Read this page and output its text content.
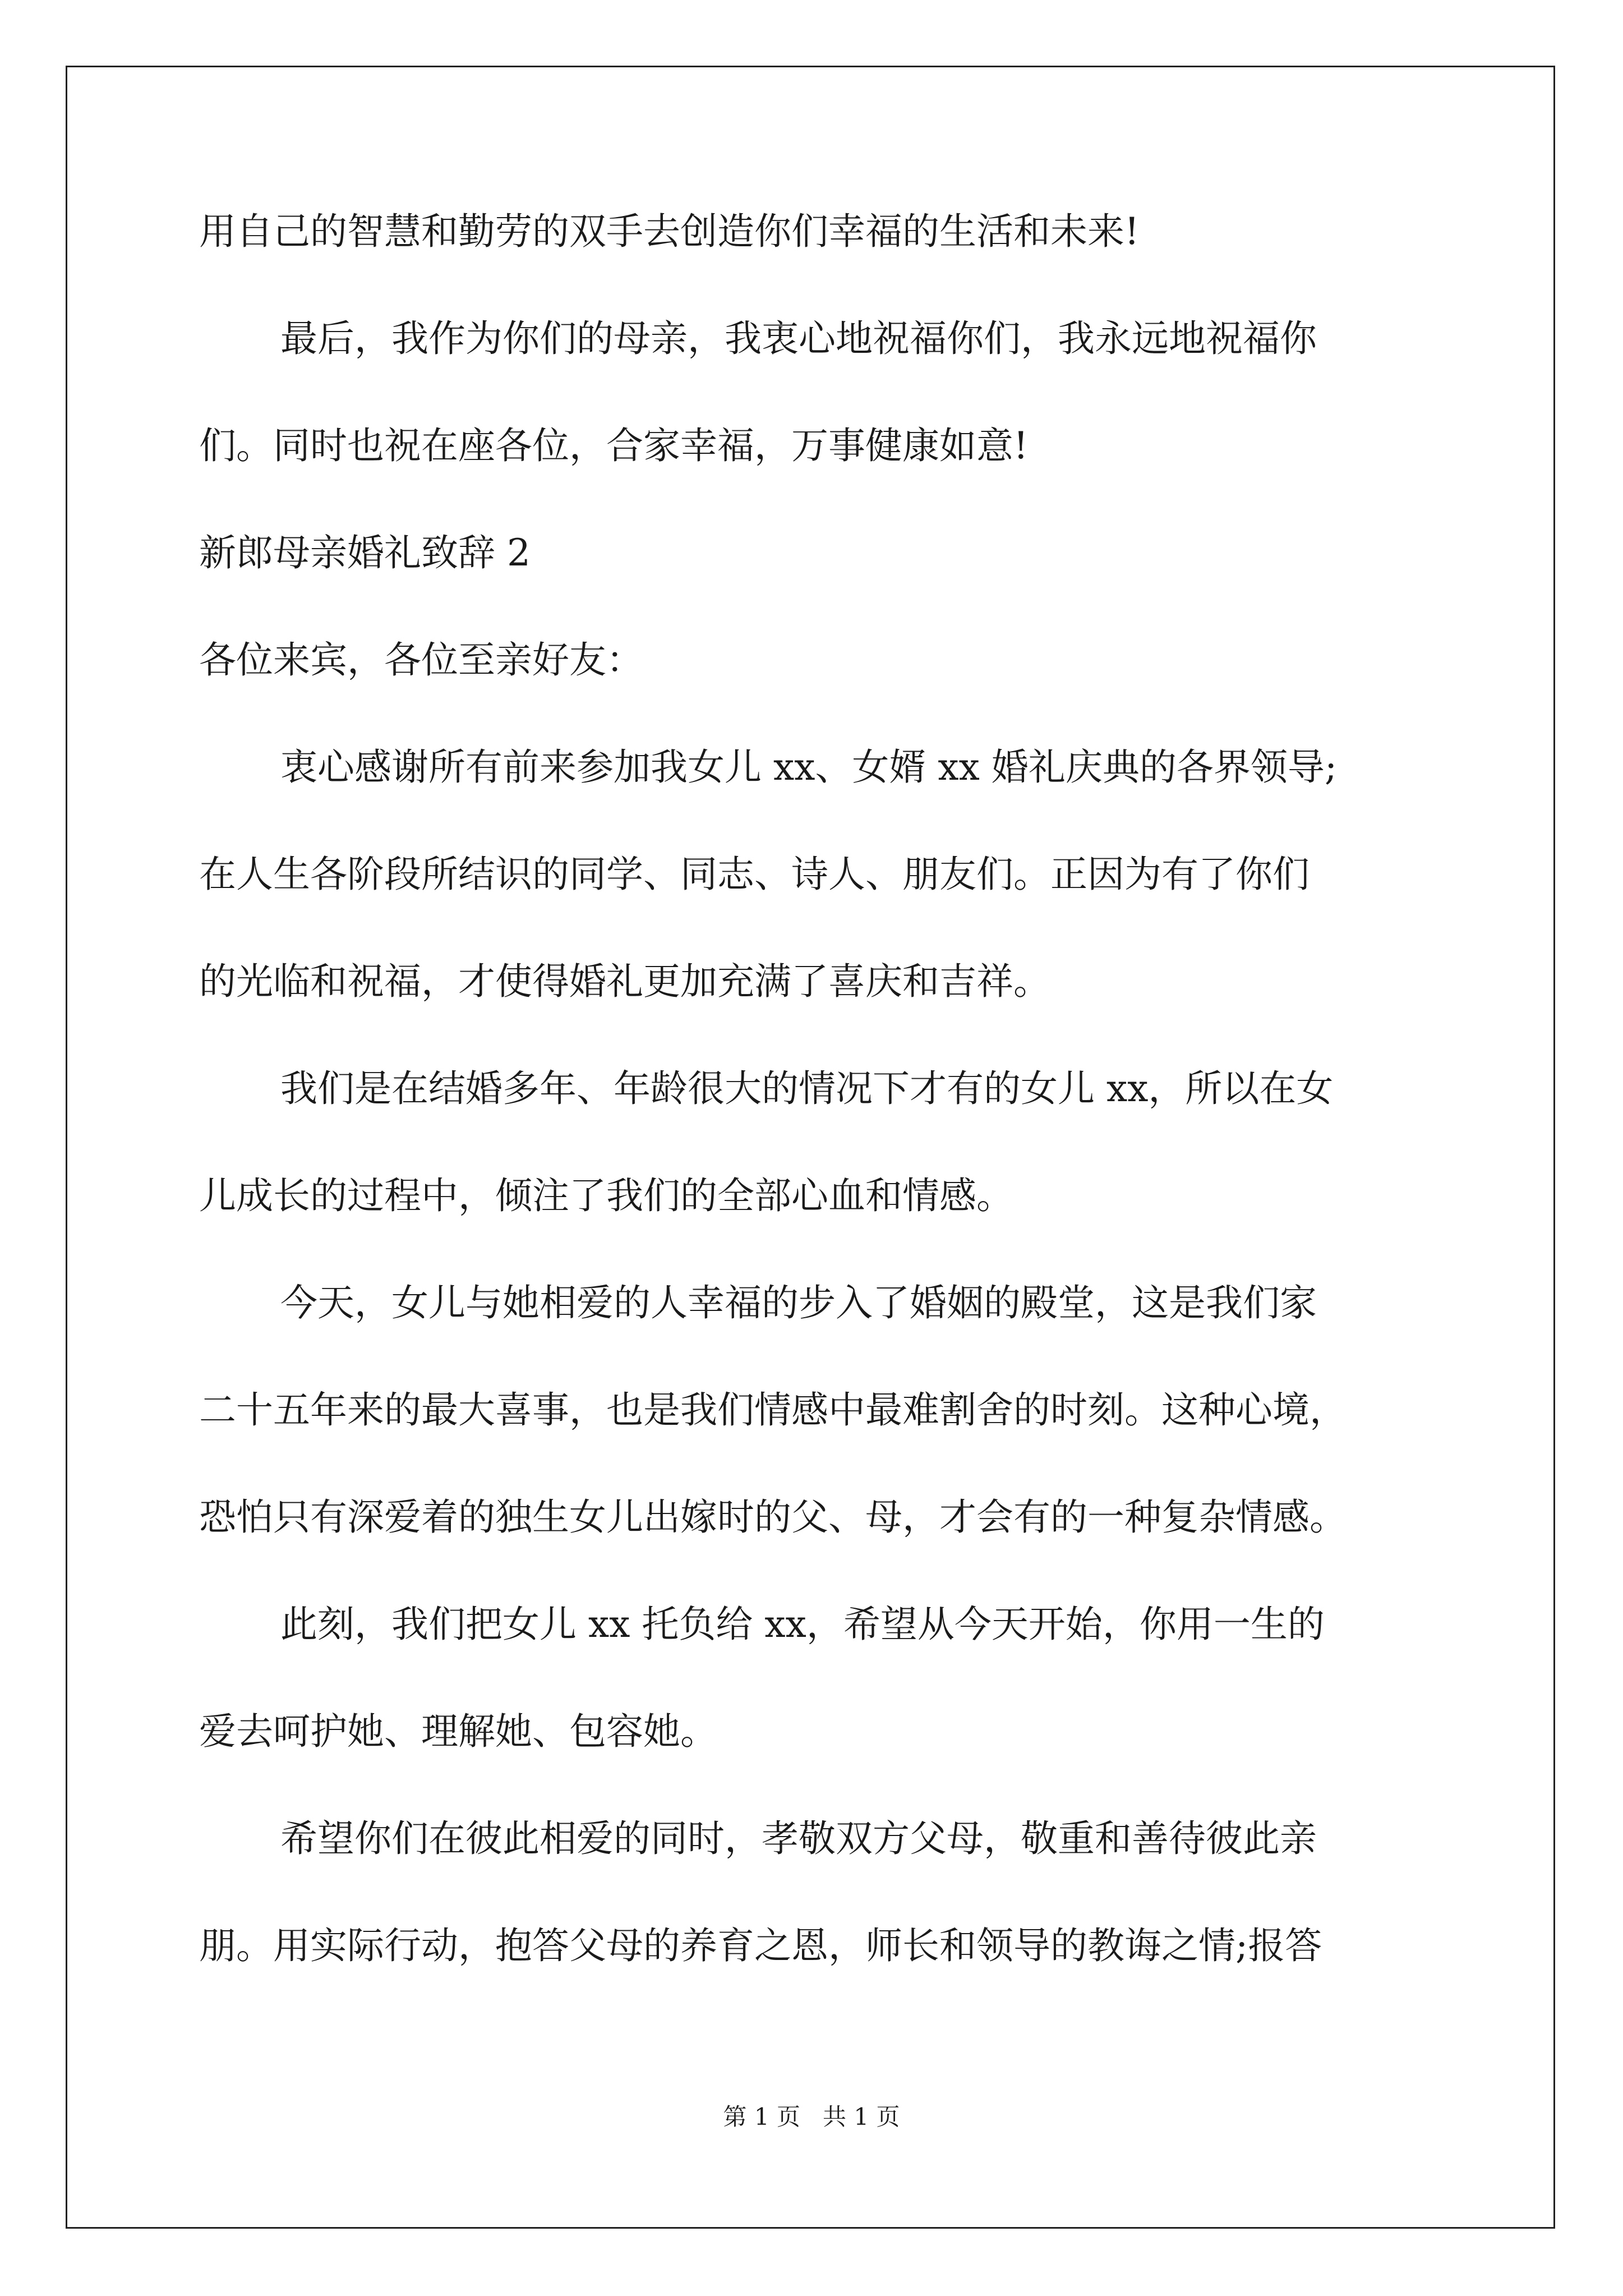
用自己的智慧和勤劳的双手去创造你们幸福的生活和未来!
最后，我作为你们的母亲，我衷心地祝福你们，我永远地祝福你
们。同时也祝在座各位，合家幸福，万事健康如意!
新郎母亲婚礼致辞 2
各位来宾，各位至亲好友：
衷心感谢所有前来参加我女儿 xx、女婿 xx 婚礼庆典的各界领导;
在人生各阶段所结识的同学、同志、诗人、朋友们。正因为有了你们
的光临和祝福，才使得婚礼更加充满了喜庆和吉祥。
我们是在结婚多年、年龄很大的情况下才有的女儿 xx，所以在女
儿成长的过程中，倾注了我们的全部心血和情感。
今天，女儿与她相爱的人幸福的步入了婚姻的殿堂，这是我们家
二十五年来的最大喜事，也是我们情感中最难割舍的时刻。这种心境，
恐怕只有深爱着的独生女儿出嫁时的父、母，才会有的一种复杂情感。
此刻，我们把女儿 xx 托负给 xx，希望从今天开始，你用一生的
爱去呵护她、理解她、包容她。
希望你们在彼此相爱的同时，孝敬双方父母，敬重和善待彼此亲
朋。用实际行动，抱答父母的养育之恩，师长和领导的教诲之情;报答
第 1 页   共 1 页
